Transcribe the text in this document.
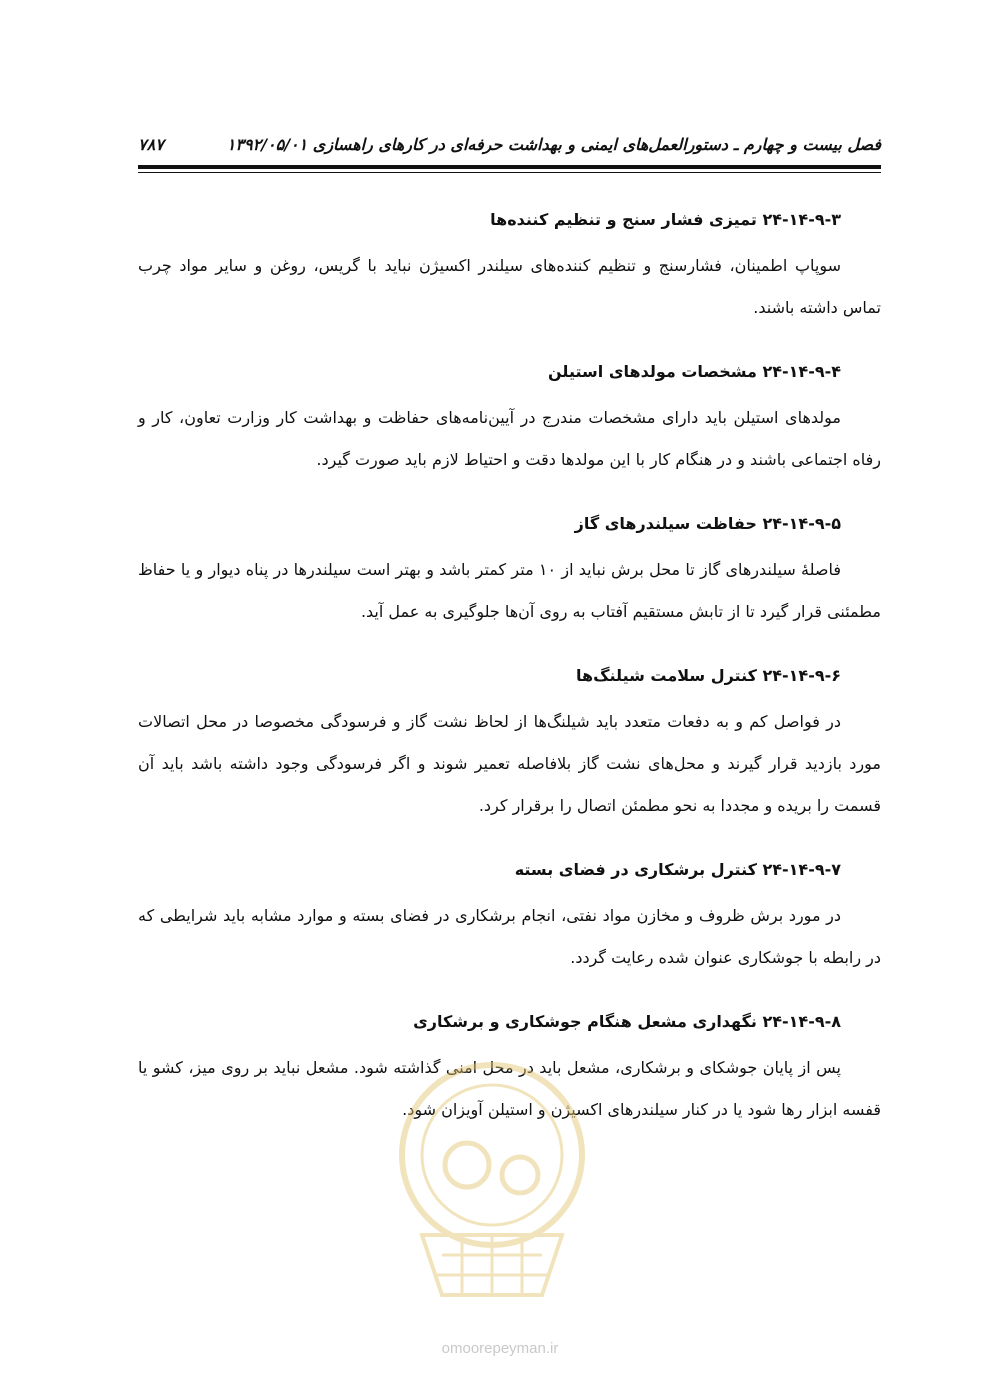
فصل بیست و چهارم ـ دستورالعمل‌های ایمنی و بهداشت حرفه‌ای در کارهای راهسازی ۱۳۹۲/۰۵/۰۱
۷۸۷
۲۴-۱۴-۹-۳ تمیزی فشار سنج و تنظیم کننده‌ها

سوپاپ اطمینان، فشارسنج و تنظیم کننده‌های سیلندر اکسیژن نباید با گریس، روغن و سایر مواد چرب تماس داشته باشند.

۲۴-۱۴-۹-۴ مشخصات مولدهای استیلن

مولدهای استیلن باید دارای مشخصات مندرج در آیین‌نامه‌های حفاظت و بهداشت کار وزارت تعاون، کار و رفاه اجتماعی باشند و در هنگام کار با این مولدها دقت و احتیاط لازم باید صورت گیرد.

۲۴-۱۴-۹-۵ حفاظت سیلندرهای گاز

فاصلهٔ سیلندرهای گاز تا محل برش نباید از ۱۰ متر کمتر باشد و بهتر است سیلندرها در پناه دیوار و یا حفاظ مطمئنی قرار گیرد تا از تابش مستقیم آفتاب به روی آن‌ها جلوگیری به عمل آید.

۲۴-۱۴-۹-۶ کنترل سلامت شیلنگ‌ها

در فواصل کم و به دفعات متعدد باید شیلنگ‌ها از لحاظ نشت گاز و فرسودگی مخصوصا در محل اتصالات مورد بازدید قرار گیرند و محل‌های نشت گاز بلافاصله تعمیر شوند و اگر فرسودگی وجود داشته باشد باید آن قسمت را بریده و مجددا به نحو مطمئن اتصال را برقرار کرد.

۲۴-۱۴-۹-۷ کنترل برشکاری در فضای بسته

در مورد برش ظروف و مخازن مواد نفتی، انجام برشکاری در فضای بسته و موارد مشابه باید شرایطی که در رابطه با جوشکاری عنوان شده رعایت گردد.

۲۴-۱۴-۹-۸ نگهداری مشعل هنگام جوشکاری و برشکاری

پس از پایان جوشکای و برشکاری، مشعل باید در محل امنی گذاشته شود. مشعل نباید بر روی میز، کشو یا قفسه ابزار رها شود یا در کنار سیلندرهای اکسیژن و استیلن آویزان شود.

omoorepeyman.ir
